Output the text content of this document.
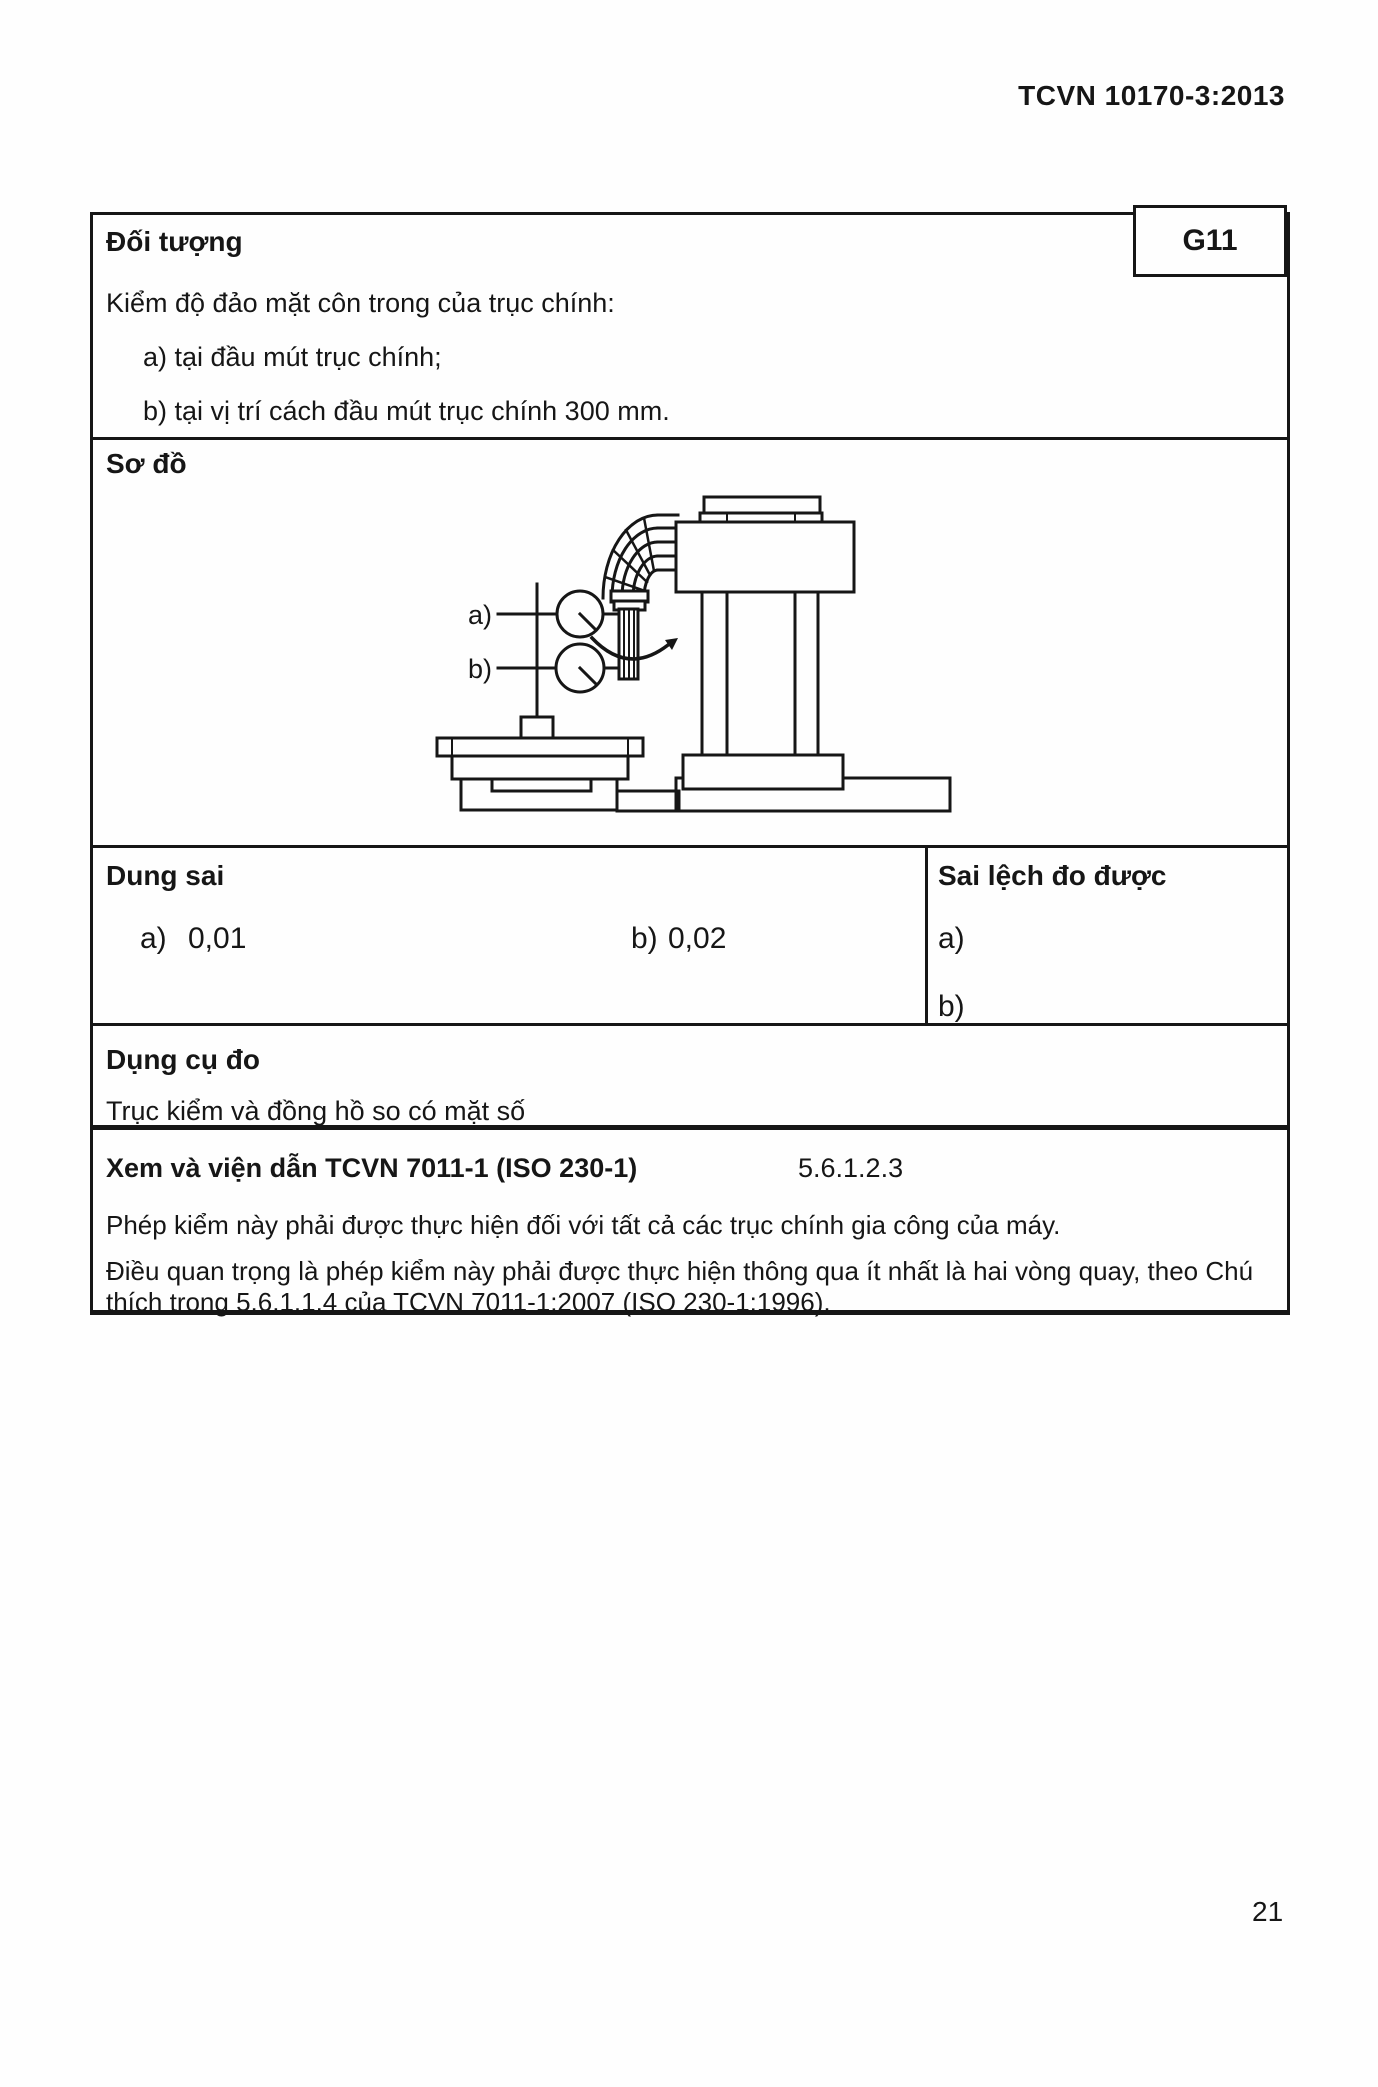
TCVN 10170-3:2013
G11
Đối tượng
Kiểm độ đảo mặt côn trong của trục chính:
a) tại đầu mút trục chính;
b) tại vị trí cách đầu mút trục chính 300 mm.
Sơ đồ
a)
b)
Dung sai
a) 0,01	b) 0,02
Sai lệch đo được
a)
b)
Dụng cụ đo
Trục kiểm và đồng hồ so có mặt số
Xem và viện dẫn TCVN 7011-1 (ISO 230-1)	5.6.1.2.3
Phép kiểm này phải được thực hiện đối với tất cả các trục chính gia công của máy.
Điều quan trọng là phép kiểm này phải được thực hiện thông qua ít nhất là hai vòng quay, theo Chú
thích trong 5.6.1.1.4 của TCVN 7011-1:2007 (ISO 230-1:1996).
21
